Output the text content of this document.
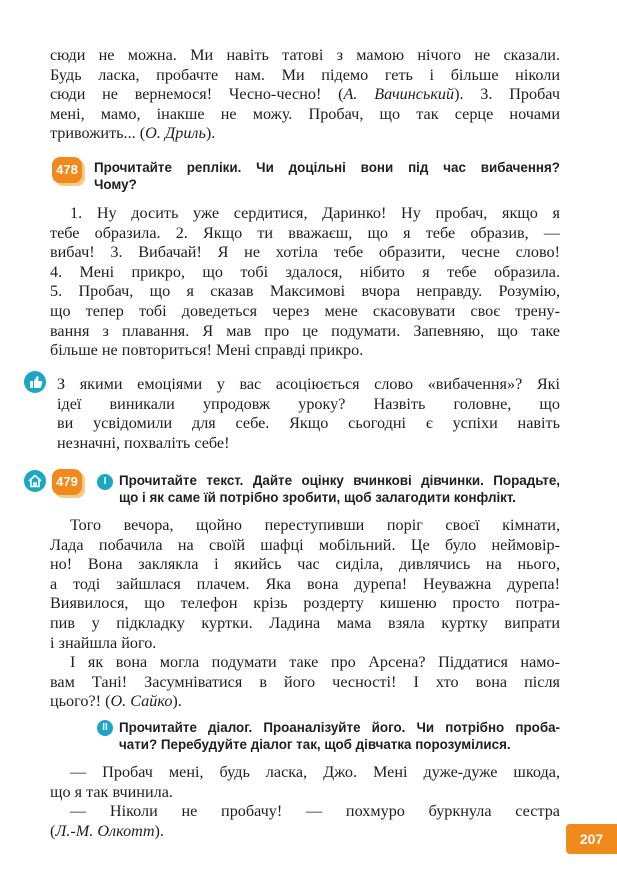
сюди не можна. Ми навіть татові з мамою нічого не сказали.
Будь ласка, пробачте нам. Ми підемо геть і більше ніколи
сюди не вернемося! Чесно-чесно! (А. Вачинський). 3. Пробач
мені, мамо, інакше не можу. Пробач, що так серце ночами
тривожить... (О. Дриль).
478	Прочитайте репліки. Чи доцільні вони під час вибачення?
Чому?
1. Ну досить уже сердитися, Даринко! Ну пробач, якщо я
тебе образила. 2. Якщо ти вважаєш, що я тебе образив, —
вибач! 3. Вибачай! Я не хотіла тебе образити, чесне слово!
4. Мені прикро, що тобі здалося, нібито я тебе образила.
5. Пробач, що я сказав Максимові вчора неправду. Розумію,
що тепер тобі доведеться через мене скасовувати своє трену-
вання з плавання. Я мав про це подумати. Запевняю, що таке
більше не повториться! Мені справді прикро.
З якими емоціями у вас асоціюється слово «вибачення»? Які
ідеї виникали упродовж уроку? Назвіть головне, що
ви усвідомили для себе. Якщо сьогодні є успіхи навіть
незначні, похваліть себе!
479	I Прочитайте текст. Дайте оцінку вчинкові дівчинки. Порадьте,
що і як саме їй потрібно зробити, щоб залагодити конфлікт.
Того вечора, щойно переступивши поріг своєї кімнати,
Лада побачила на своїй шафці мобільний. Це було неймовір-
но! Вона заклякла і якийсь час сиділа, дивлячись на нього,
а тоді зайшлася плачем. Яка вона дурепа! Неуважна дурепа!
Виявилося, що телефон крізь роздерту кишеню просто потра-
пив у підкладку куртки. Ладина мама взяла куртку випрати
і знайшла його.
І як вона могла подумати таке про Арсена? Піддатися намо-
вам Тані! Засумніватися в його чесності! І хто вона після
цього?! (О. Сайко).
II Прочитайте діалог. Проаналізуйте його. Чи потрібно проба-
чати? Перебудуйте діалог так, щоб дівчатка порозумілися.
— Пробач мені, будь ласка, Джо. Мені дуже-дуже шкода,
що я так вчинила.
— Ніколи не пробачу! — похмуро буркнула сестра
(Л.-М. Олкотт).	207
